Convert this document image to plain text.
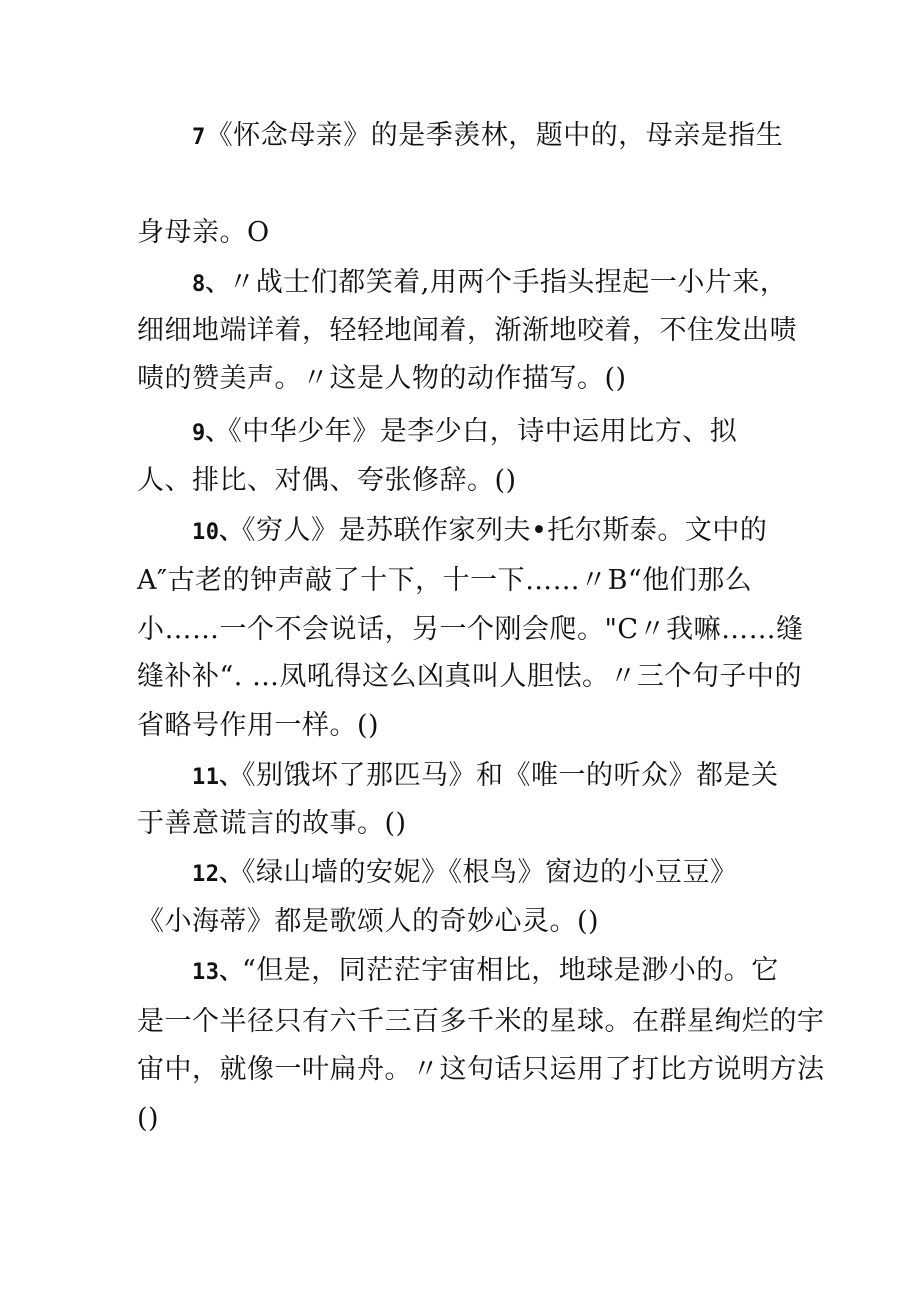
7《怀念母亲》的是季羡林，题中的，母亲是指生
身母亲。O
8、〃战士们都笑着,用两个手指头捏起一小片来，
细细地端详着，轻轻地闻着，渐渐地咬着，不住发出啧
啧的赞美声。〃这是人物的动作描写。()
9、《中华少年》是李少白，诗中运用比方、拟
人、排比、对偶、夸张修辞。()
10、《穷人》是苏联作家列夫•托尔斯泰。文中的
A″古老的钟声敲了十下，十一下……〃B“他们那么
小……一个不会说话，另一个刚会爬。"C〃我嘛……缝
缝补补“. …凤吼得这么凶真叫人胆怯。〃三个句子中的
省略号作用一样。()
11、《别饿坏了那匹马》和《唯一的听众》都是关
于善意谎言的故事。()
12、《绿山墙的安妮》《根鸟》窗边的小豆豆》
《小海蒂》都是歌颂人的奇妙心灵。()
13、“但是，同茫茫宇宙相比，地球是渺小的。它
是一个半径只有六千三百多千米的星球。在群星绚烂的宇
宙中，就像一叶扁舟。〃这句话只运用了打比方说明方法
()
